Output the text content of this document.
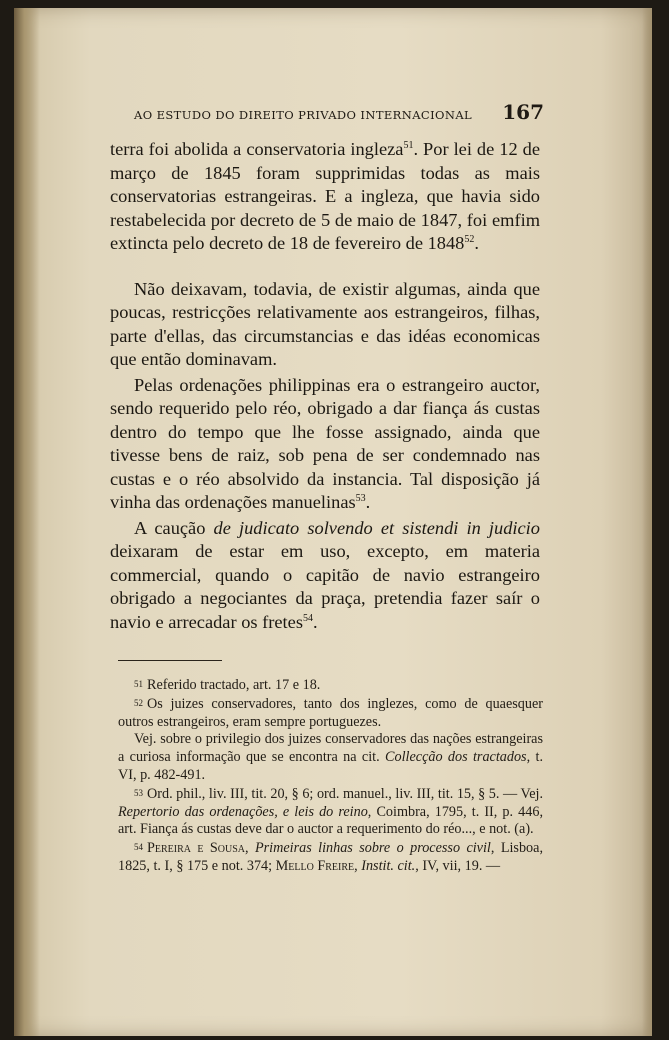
AO ESTUDO DO DIREITO PRIVADO INTERNACIONAL 167

terra foi abolida a conservatoria ingleza$^{51}$. Por lei de 12 de março de 1845 foram supprimidas todas as mais conservatorias estrangeiras. E a ingleza, que havia sido restabelecida por decreto de 5 de maio de 1847, foi emfim extincta pelo decreto de 18 de fevereiro de 1848$^{52}$.

Não deixavam, todavia, de existir algumas, ainda que poucas, restricções relativamente aos estrangeiros, filhas, parte d'ellas, das circumstancias e das idéas economicas que então dominavam.

Pelas ordenações philippinas era o estrangeiro auctor, sendo requerido pelo réo, obrigado a dar fiança ás custas dentro do tempo que lhe fosse assignado, ainda que tivesse bens de raiz, sob pena de ser condemnado nas custas e o réo absolvido da instancia. Tal disposição já vinha das ordenações manuelinas$^{53}$.

A caução de judicato solvendo et sistendi in judicio deixaram de estar em uso, excepto, em materia commercial, quando o capitão de navio estrangeiro obrigado a negociantes da praça, pretendia fazer saír o navio e arrecadar os fretes$^{54}$.

51 Referido tractado, art. 17 e 18.

52 Os juizes conservadores, tanto dos inglezes, como de quaesquer outros estrangeiros, eram sempre portuguezes.

Vej. sobre o privilegio dos juizes conservadores das nações estrangeiras a curiosa informação que se encontra na cit. Collecção dos tractados, t. VI, p. 482-491.

53 Ord. phil., liv. III, tit. 20, § 6; ord. manuel., liv. III, tit. 15, § 5. — Vej. Repertorio das ordenações, e leis do reino, Coimbra, 1795, t. II, p. 446, art. Fiança ás custas deve dar o auctor a requerimento do réo..., e not. (a).

54 Pereira e Sousa, Primeiras linhas sobre o processo civil, Lisboa, 1825, t. I, § 175 e not. 374; Mello Freire, Instit. cit., IV, vii, 19. —
